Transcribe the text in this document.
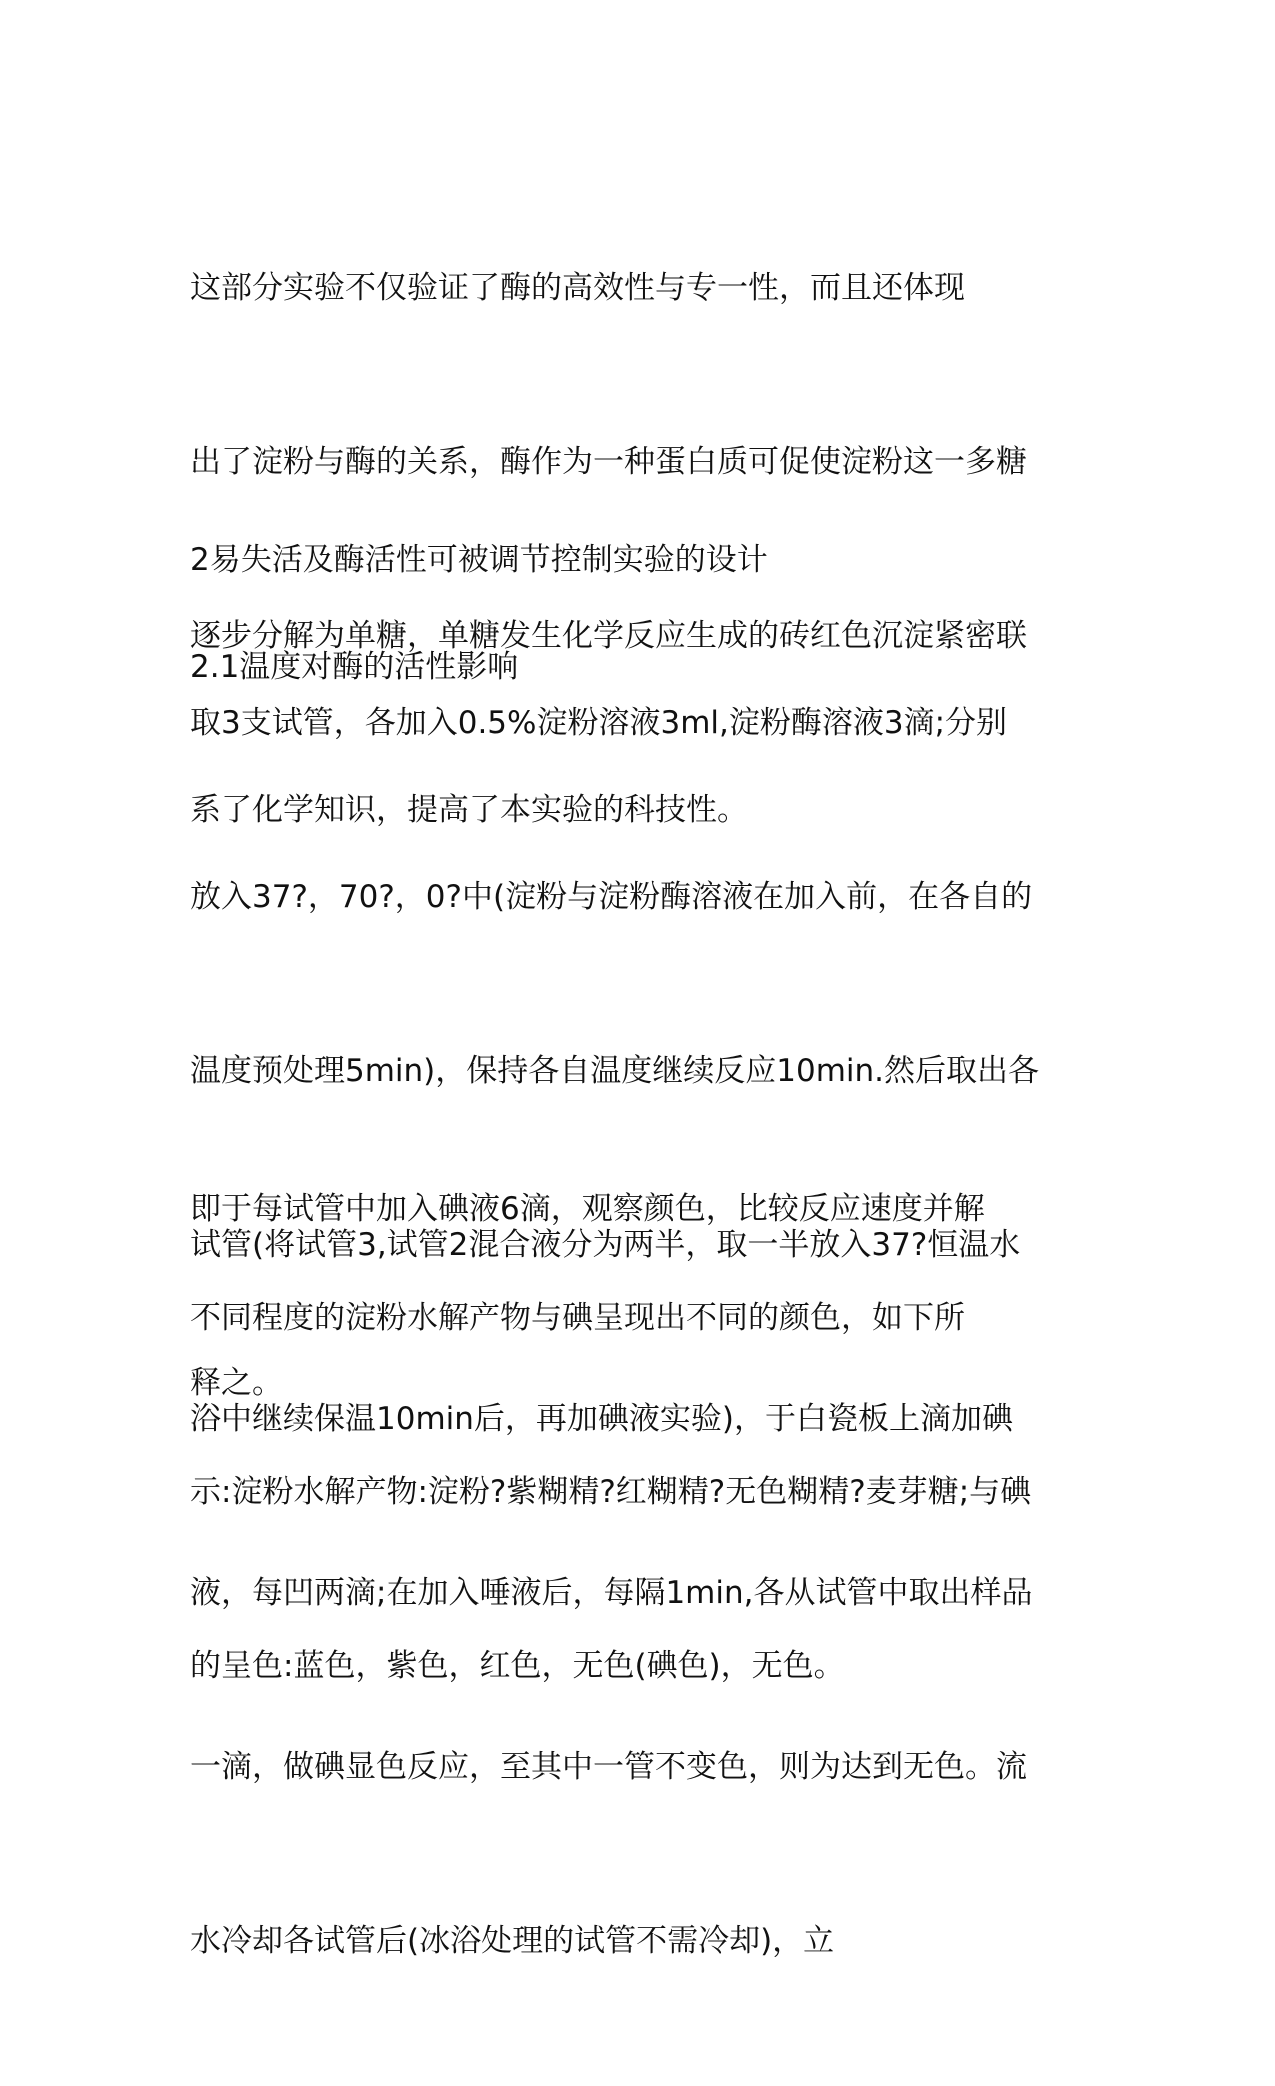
这部分实验不仅验证了酶的高效性与专一性，而且还体现

出了淀粉与酶的关系，酶作为一种蛋白质可促使淀粉这一多糖

逐步分解为单糖，单糖发生化学反应生成的砖红色沉淀紧密联

系了化学知识，提高了本实验的科技性。

2易失活及酶活性可被调节控制实验的设计

2.1温度对酶的活性影响

取3支试管，各加入0.5%淀粉溶液3ml,淀粉酶溶液3滴;分别

放入37?，70?，0?中(淀粉与淀粉酶溶液在加入前，在各自的

温度预处理5min)，保持各自温度继续反应10min.然后取出各

试管(将试管3,试管2混合液分为两半，取一半放入37?恒温水

浴中继续保温10min后，再加碘液实验)，于白瓷板上滴加碘

液，每凹两滴;在加入唾液后，每隔1min,各从试管中取出样品

一滴，做碘显色反应，至其中一管不变色，则为达到无色。流

水冷却各试管后(冰浴处理的试管不需冷却)，立

即于每试管中加入碘液6滴，观察颜色，比较反应速度并解

释之。

不同程度的淀粉水解产物与碘呈现出不同的颜色，如下所

示:淀粉水解产物:淀粉?紫糊精?红糊精?无色糊精?麦芽糖;与碘

的呈色:蓝色，紫色，红色，无色(碘色)，无色。
